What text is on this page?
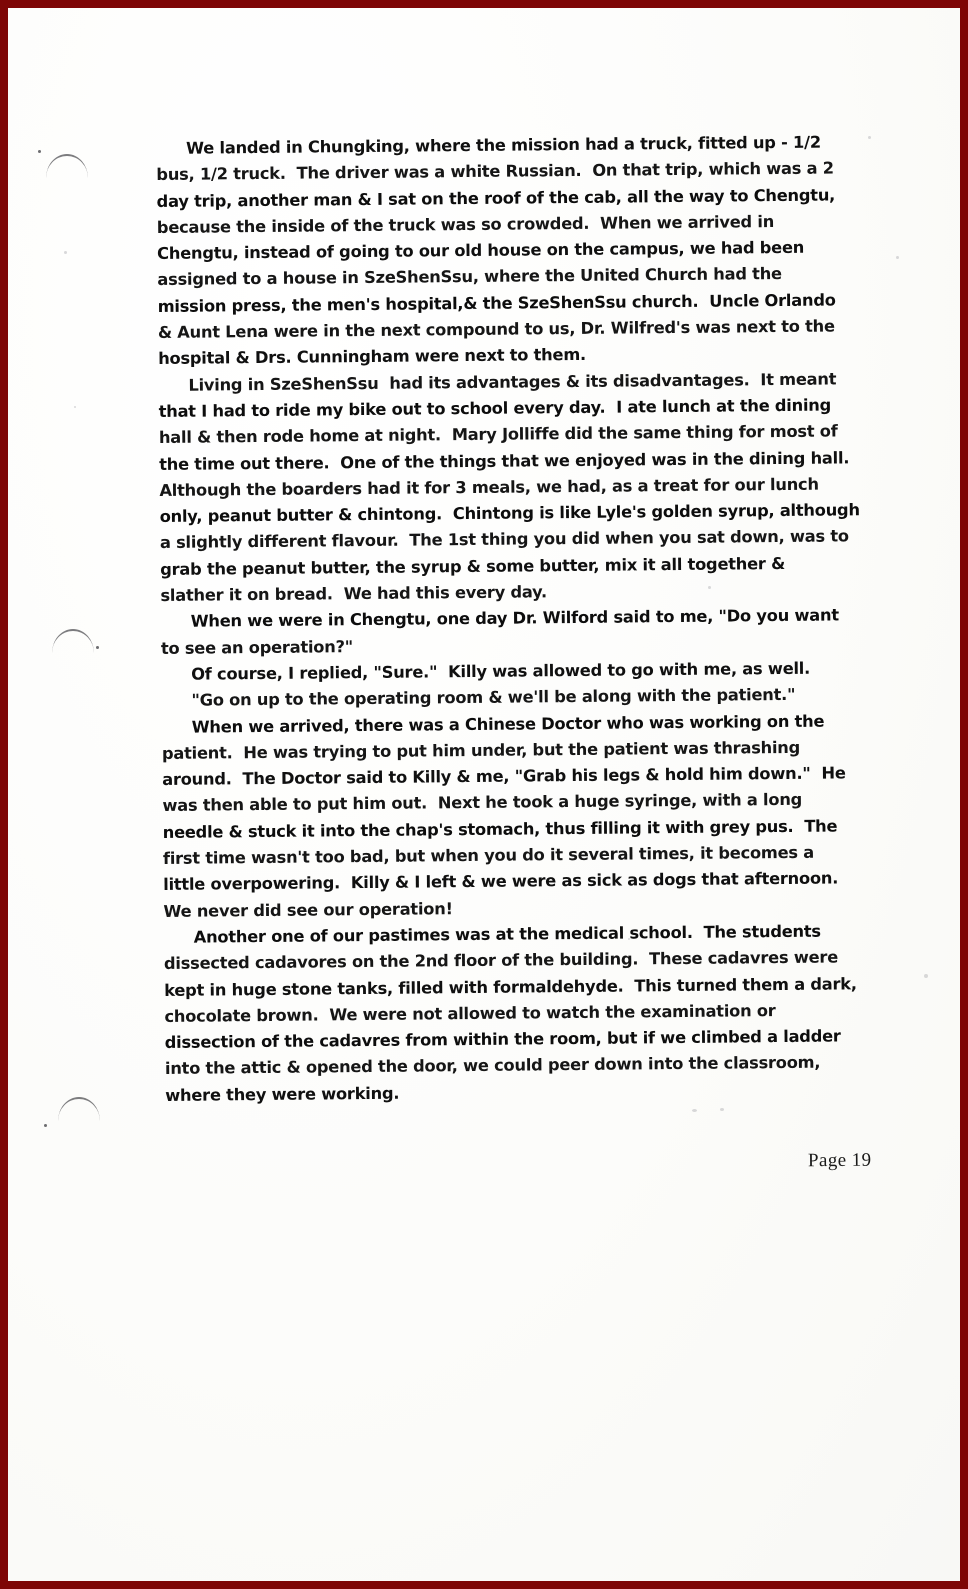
We landed in Chungking, where the mission had a truck, fitted up - 1/2
bus, 1/2 truck.  The driver was a white Russian.  On that trip, which was a 2
day trip, another man & I sat on the roof of the cab, all the way to Chengtu,
because the inside of the truck was so crowded.  When we arrived in
Chengtu, instead of going to our old house on the campus, we had been
assigned to a house in SzeShenSsu, where the United Church had the
mission press, the men's hospital,& the SzeShenSsu church.  Uncle Orlando
& Aunt Lena were in the next compound to us, Dr. Wilfred's was next to the
hospital & Drs. Cunningham were next to them.

Living in SzeShenSsu  had its advantages & its disadvantages.  It meant
that I had to ride my bike out to school every day.  I ate lunch at the dining
hall & then rode home at night.  Mary Jolliffe did the same thing for most of
the time out there.  One of the things that we enjoyed was in the dining hall.
Although the boarders had it for 3 meals, we had, as a treat for our lunch
only, peanut butter & chintong.  Chintong is like Lyle's golden syrup, although
a slightly different flavour.  The 1st thing you did when you sat down, was to
grab the peanut butter, the syrup & some butter, mix it all together &
slather it on bread.  We had this every day.

When we were in Chengtu, one day Dr. Wilford said to me, "Do you want
to see an operation?"

Of course, I replied, "Sure."  Killy was allowed to go with me, as well.

"Go on up to the operating room & we'll be along with the patient."

When we arrived, there was a Chinese Doctor who was working on the
patient.  He was trying to put him under, but the patient was thrashing
around.  The Doctor said to Killy & me, "Grab his legs & hold him down."  He
was then able to put him out.  Next he took a huge syringe, with a long
needle & stuck it into the chap's stomach, thus filling it with grey pus.  The
first time wasn't too bad, but when you do it several times, it becomes a
little overpowering.  Killy & I left & we were as sick as dogs that afternoon.
We never did see our operation!

Another one of our pastimes was at the medical school.  The students
dissected cadavores on the 2nd floor of the building.  These cadavres were
kept in huge stone tanks, filled with formaldehyde.  This turned them a dark,
chocolate brown.  We were not allowed to watch the examination or
dissection of the cadavres from within the room, but if we climbed a ladder
into the attic & opened the door, we could peer down into the classroom,
where they were working.

Page 19
